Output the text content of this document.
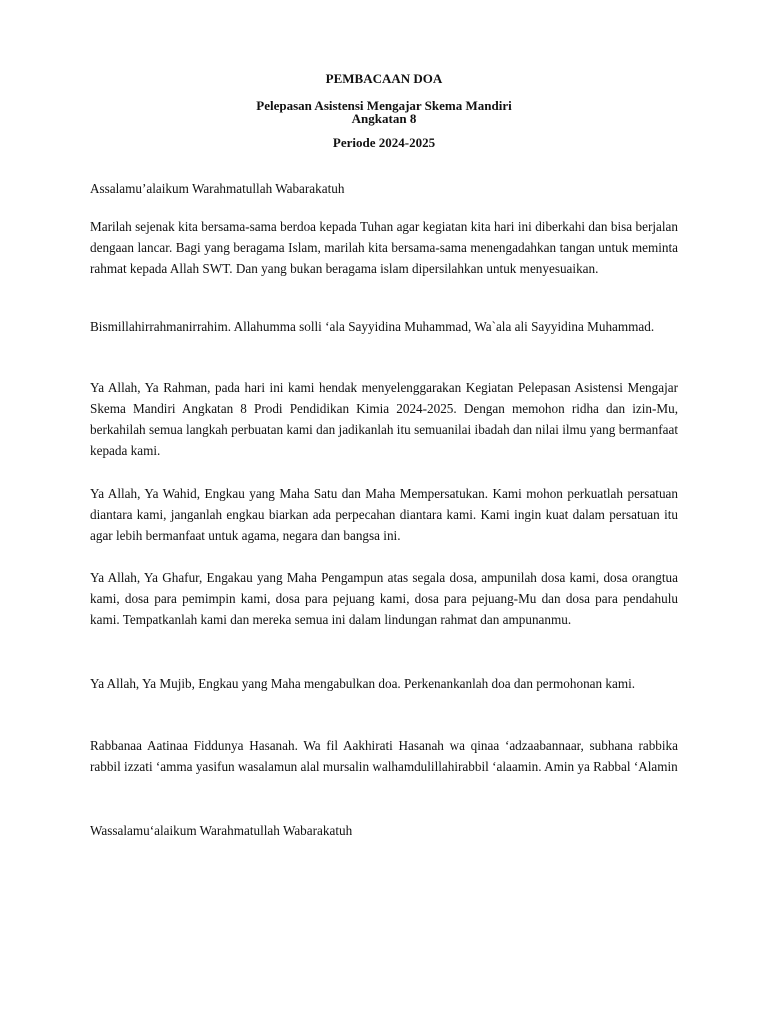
PEMBACAAN DOA
Pelepasan Asistensi Mengajar Skema Mandiri
Angkatan 8
Periode 2024-2025

Assalamu’alaikum Warahmatullah Wabarakatuh

Marilah sejenak kita bersama-sama berdoa kepada Tuhan agar kegiatan kita hari ini diberkahi dan bisa berjalan dengaan lancar. Bagi yang beragama Islam, marilah kita bersama-sama menengadahkan tangan untuk meminta rahmat kepada Allah SWT. Dan yang bukan beragama islam dipersilahkan untuk menyesuaikan.

Bismillahirrahmanirrahim. Allahumma solli ‘ala Sayyidina Muhammad, Wa`ala ali Sayyidina Muhammad.

Ya Allah, Ya Rahman, pada hari ini kami hendak menyelenggarakan Kegiatan Pelepasan Asistensi Mengajar Skema Mandiri Angkatan 8 Prodi Pendidikan Kimia 2024-2025. Dengan memohon ridha dan izin-Mu, berkahilah semua langkah perbuatan kami dan jadikanlah itu semuanilai ibadah dan nilai ilmu yang bermanfaat kepada kami.

Ya Allah, Ya Wahid, Engkau yang Maha Satu dan Maha Mempersatukan. Kami mohon perkuatlah persatuan diantara kami, janganlah engkau biarkan ada perpecahan diantara kami. Kami ingin kuat dalam persatuan itu agar lebih bermanfaat untuk agama, negara dan bangsa ini.

Ya Allah, Ya Ghafur, Engakau yang Maha Pengampun atas segala dosa, ampunilah dosa kami, dosa orangtua kami, dosa para pemimpin kami, dosa para pejuang kami, dosa para pejuang-Mu dan dosa para pendahulu kami. Tempatkanlah kami dan mereka semua ini dalam lindungan rahmat dan ampunanmu.

Ya Allah, Ya Mujib, Engkau yang Maha mengabulkan doa. Perkenankanlah doa dan permohonan kami.

Rabbanaa Aatinaa Fiddunya Hasanah. Wa fil Aakhirati Hasanah wa qinaa ‘adzaabannaar, subhana rabbika rabbil izzati ‘amma yasifun wasalamun alal mursalin walhamdulillahirabbil ‘alaamin. Amin ya Rabbal ‘Alamin

Wassalamu‘alaikum Warahmatullah Wabarakatuh
